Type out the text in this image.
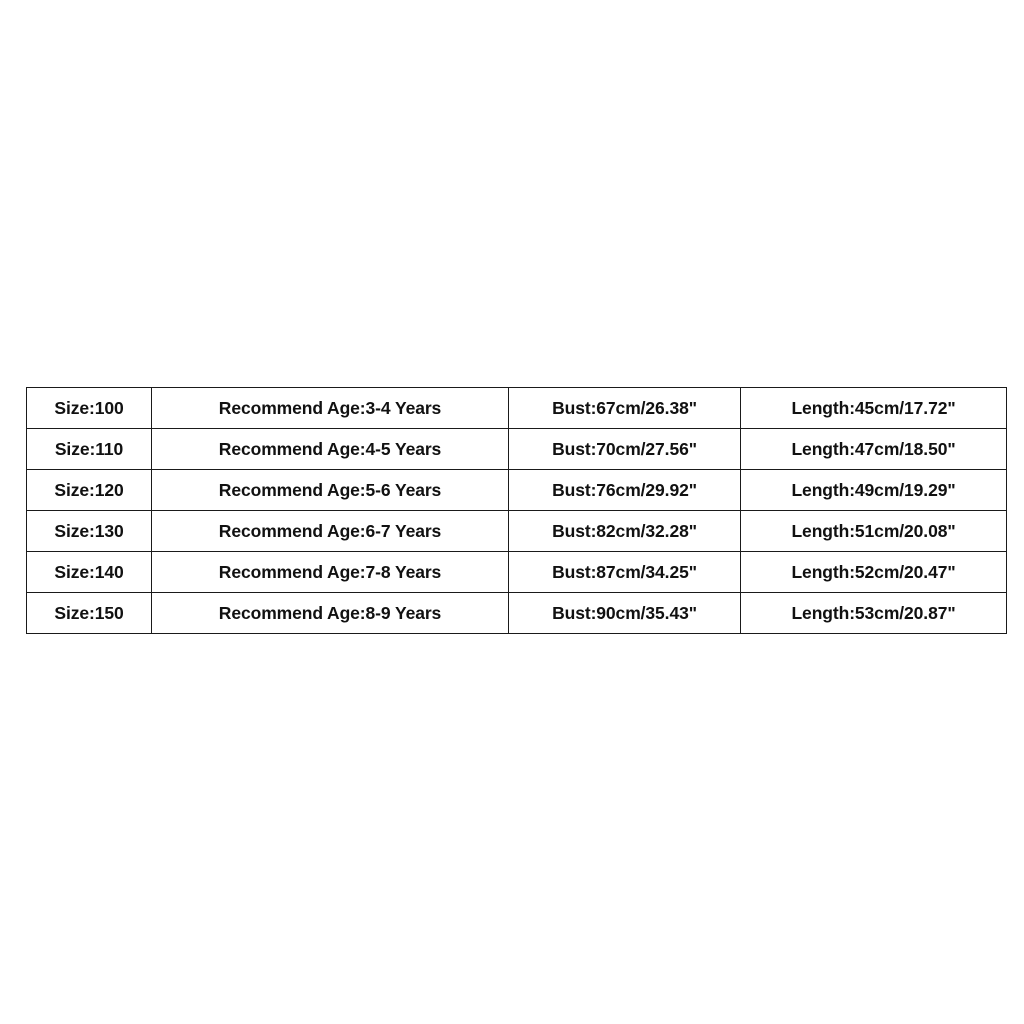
Size:100	Recommend Age:3-4 Years	Bust:67cm/26.38"	Length:45cm/17.72"
Size:110	Recommend Age:4-5 Years	Bust:70cm/27.56"	Length:47cm/18.50"
Size:120	Recommend Age:5-6 Years	Bust:76cm/29.92"	Length:49cm/19.29"
Size:130	Recommend Age:6-7 Years	Bust:82cm/32.28"	Length:51cm/20.08"
Size:140	Recommend Age:7-8 Years	Bust:87cm/34.25"	Length:52cm/20.47"
Size:150	Recommend Age:8-9 Years	Bust:90cm/35.43"	Length:53cm/20.87"
